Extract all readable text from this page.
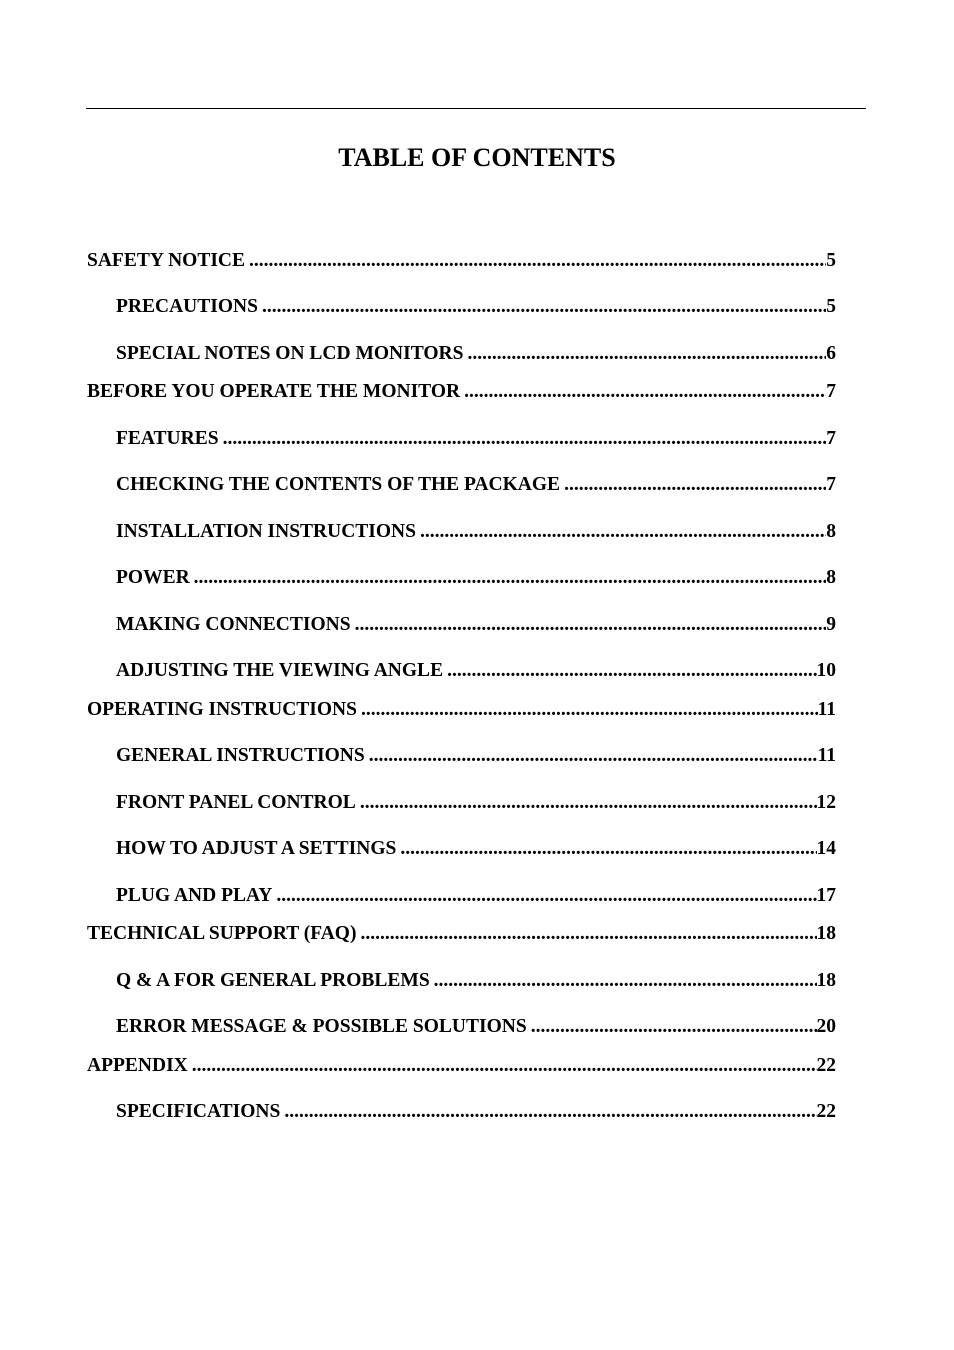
TABLE OF CONTENTS
SAFETY NOTICE .....	5
PRECAUTIONS .....	5
SPECIAL NOTES ON LCD MONITORS .....	6
BEFORE YOU OPERATE THE MONITOR .....	7
FEATURES .....	7
CHECKING THE CONTENTS OF THE PACKAGE .....	7
INSTALLATION INSTRUCTIONS .....	8
POWER .....	8
MAKING CONNECTIONS .....	9
ADJUSTING THE VIEWING ANGLE .....	10
OPERATING INSTRUCTIONS .....	11
GENERAL INSTRUCTIONS .....	11
FRONT PANEL CONTROL .....	12
HOW TO ADJUST A SETTINGS .....	14
PLUG AND PLAY .....	17
TECHNICAL SUPPORT (FAQ) .....	18
Q & A FOR GENERAL PROBLEMS .....	18
ERROR MESSAGE & POSSIBLE SOLUTIONS .....	20
APPENDIX .....	22
SPECIFICATIONS .....	22
